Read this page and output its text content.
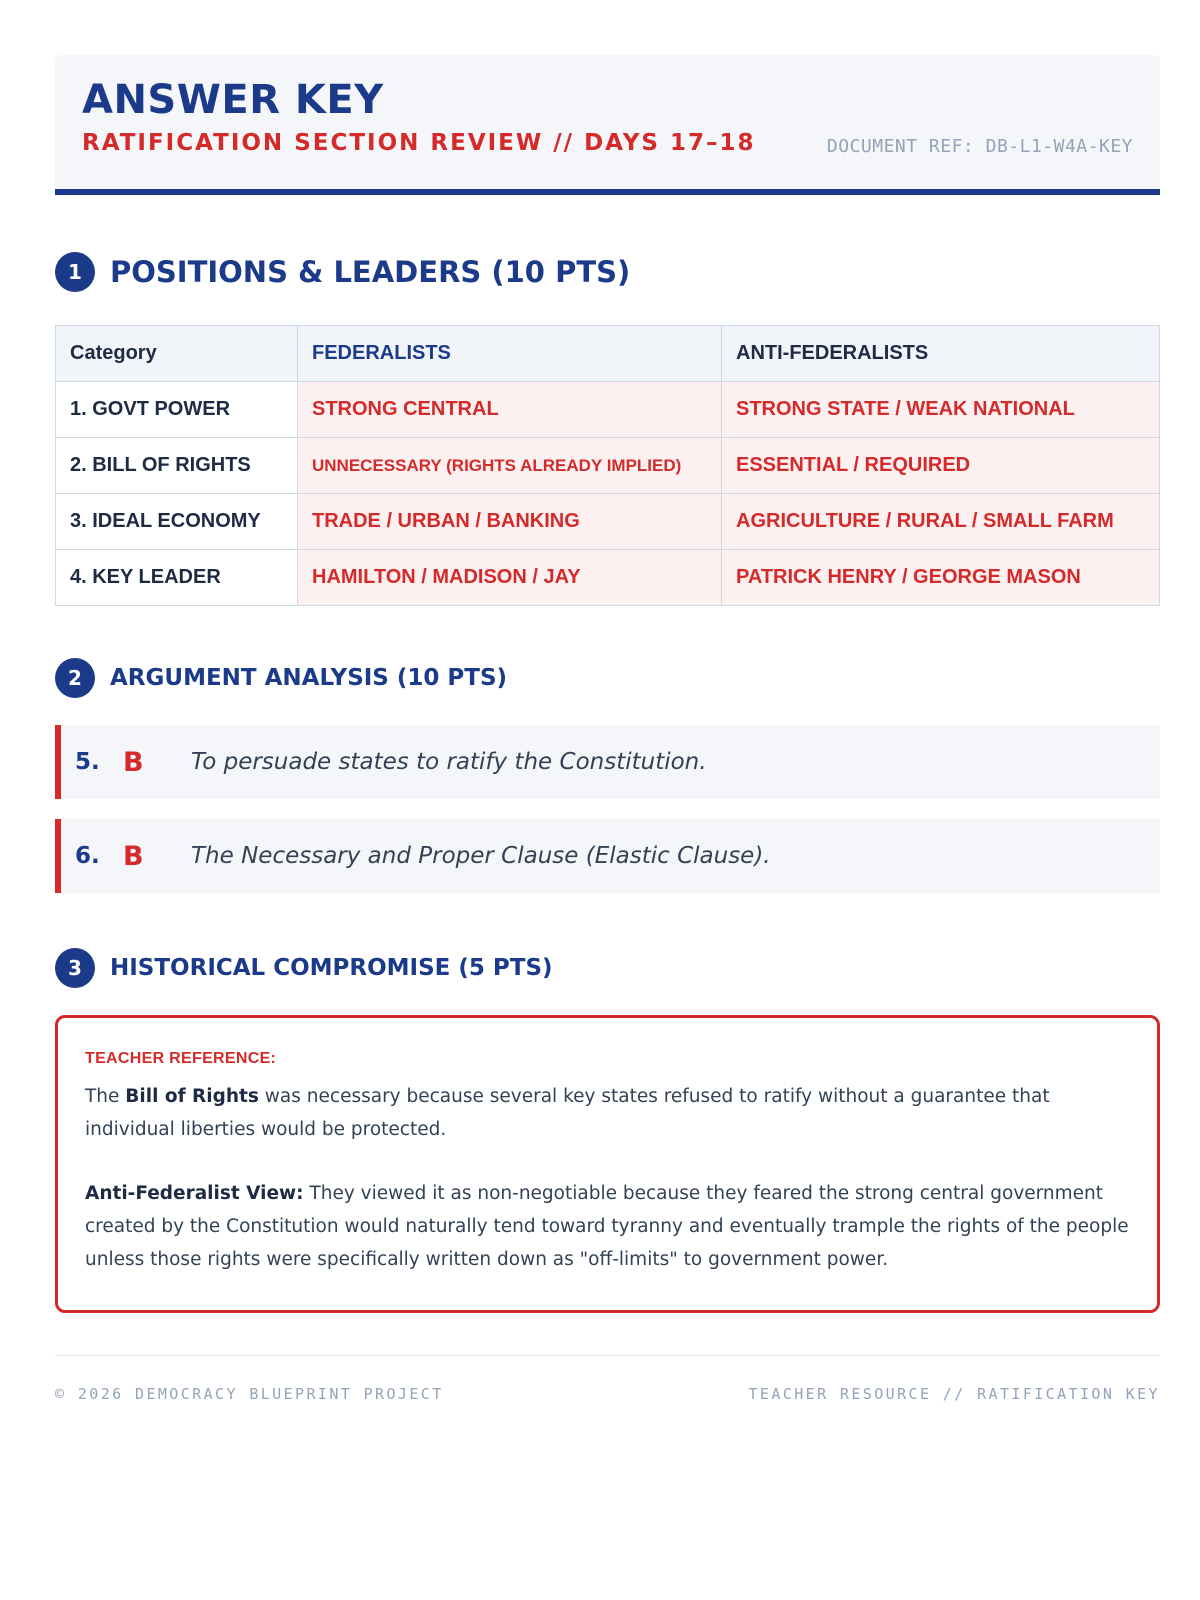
ANSWER KEY
RATIFICATION SECTION REVIEW // DAYS 17–18	DOCUMENT REF: DB-L1-W4A-KEY
1 POSITIONS & LEADERS (10 PTS)
Category	FEDERALISTS	ANTI-FEDERALISTS
1. GOVT POWER	STRONG CENTRAL	STRONG STATE / WEAK NATIONAL
2. BILL OF RIGHTS	UNNECESSARY (RIGHTS ALREADY IMPLIED)	ESSENTIAL / REQUIRED
3. IDEAL ECONOMY	TRADE / URBAN / BANKING	AGRICULTURE / RURAL / SMALL FARM
4. KEY LEADER	HAMILTON / MADISON / JAY	PATRICK HENRY / GEORGE MASON
2	ARGUMENT ANALYSIS (10 PTS)
5. B	To persuade states to ratify the Constitution.
6. B	The Necessary and Proper Clause (Elastic Clause).
3	HISTORICAL COMPROMISE (5 PTS)
TEACHER REFERENCE:

The Bill of Rights was necessary because several key states refused to ratify without a guarantee that individual liberties would be protected.

Anti-Federalist View: They viewed it as non-negotiable because they feared the strong central government created by the Constitution would naturally tend toward tyranny and eventually trample the rights of the people unless those rights were specifically written down as "off-limits" to government power.

© 2026 DEMOCRACY BLUEPRINT PROJECT	TEACHER RESOURCE // RATIFICATION KEY
